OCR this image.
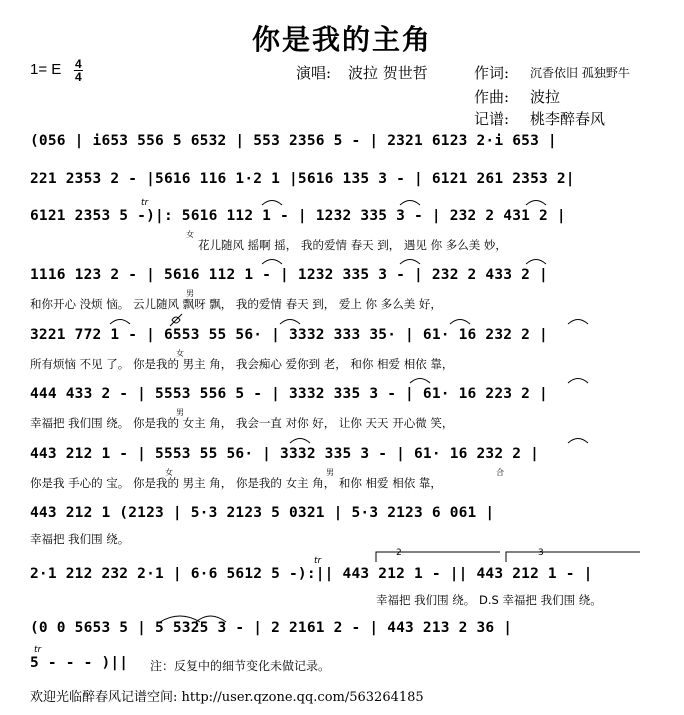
你是我的主角
1= E 4
4	演唱: 波拉 贺世哲	作词: 沉香依旧 孤独野牛
作曲: 波拉
记谱: 桃李醉春风
(056 | i653 556 5 6532 | 553 2356 5 - | 2321 6123 2·i 653 |
221 2353 2 - |5616 116 1·2 1 |5616 135 3 - | 6121 261 2353 2|
6121 2353 5 -)|: 5616 112 1 - | 1232 335 3 - | 232 2 431 2 |
花儿随风 摇啊 摇， 我的爱情 春天 到， 遇见 你 多么美 妙，
1116 123 2 - | 5616 112 1 - | 1232 335 3 - | 232 2 433 2 |
和你开心 没烦 恼。 云儿随风 飘呀 飘， 我的爱情 春天 到， 爱上 你 多么美 好，
3221 772 1 - | 6553 55 56· | 3332 333 35· | 61· 16 232 2 |
所有烦恼 不见 了。 你是我的 男主 角， 我会痴心 爱你到 老， 和你 相爱 相依 靠，
444 433 2 - | 5553 556 5 - | 3332 335 3 - | 61· 16 223 2 |
幸福把 我们围 绕。 你是我的 女主 角， 我会一直 对你 好， 让你 天天 开心微 笑，
443 212 1 - | 5553 55 56· | 3332 335 3 - | 61· 16 232 2 |
你是我 手心的 宝。 你是我的 男主 角， 你是我的 女主 角， 和你 相爱 相依 靠，
443 212 1 (2123 | 5·3 2123 5 0321 | 5·3 2123 6 061 |
幸福把 我们围 绕。
2·1 212 232 2·1 | 6·6 5612 5 -):|| 443 212 1 - || 443 212 1 - |
幸福把 我们围 绕。 D.S 幸福把 我们围 绕。
(0 0 5653 5 | 5 5325 3 - | 2 2161 2 - | 443 213 2 36 |
5 - - - )||
女
男
女
男
女	男	合
2	3
tr
tr
tr
注：反复中的细节变化未做记录。
欢迎光临醉春风记谱空间: http://user.qzone.qq.com/563264185
